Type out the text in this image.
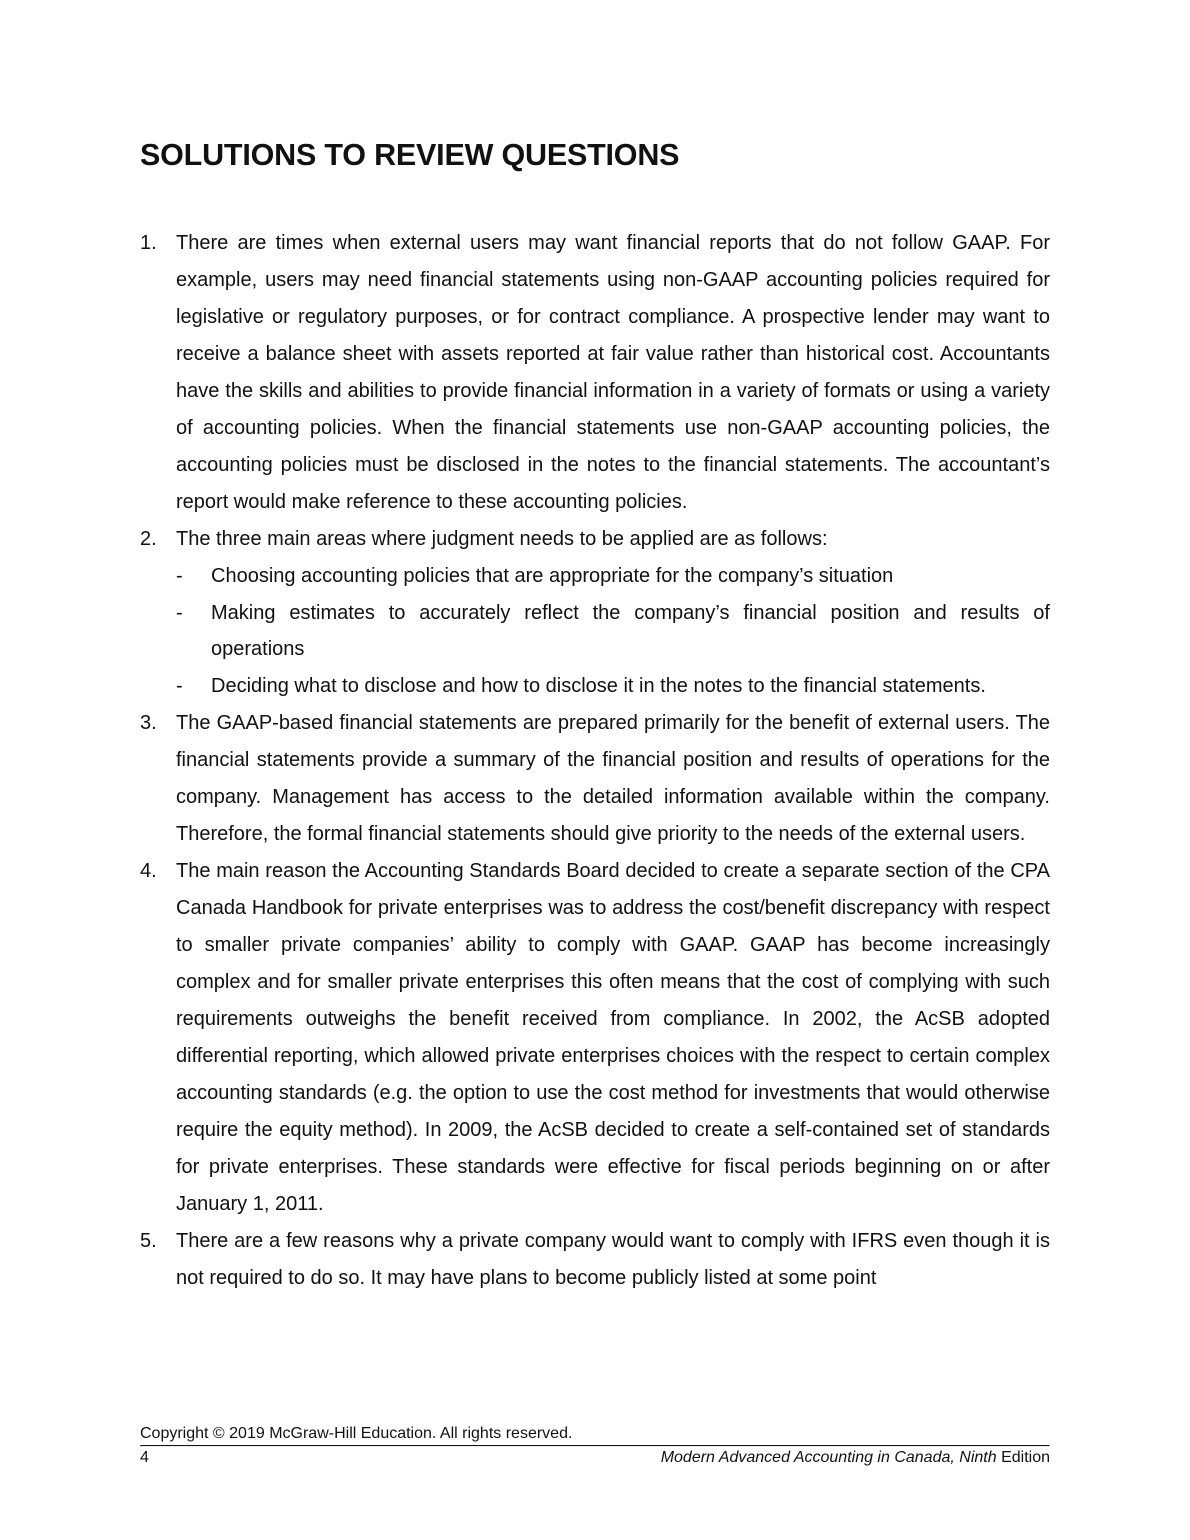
SOLUTIONS TO REVIEW QUESTIONS
1. There are times when external users may want financial reports that do not follow GAAP. For example, users may need financial statements using non-GAAP accounting policies required for legislative or regulatory purposes, or for contract compliance. A prospective lender may want to receive a balance sheet with assets reported at fair value rather than historical cost. Accountants have the skills and abilities to provide financial information in a variety of formats or using a variety of accounting policies. When the financial statements use non-GAAP accounting policies, the accounting policies must be disclosed in the notes to the financial statements. The accountant’s report would make reference to these accounting policies.
2. The three main areas where judgment needs to be applied are as follows:
- Choosing accounting policies that are appropriate for the company’s situation
- Making estimates to accurately reflect the company’s financial position and results of operations
- Deciding what to disclose and how to disclose it in the notes to the financial statements.
3. The GAAP-based financial statements are prepared primarily for the benefit of external users. The financial statements provide a summary of the financial position and results of operations for the company. Management has access to the detailed information available within the company. Therefore, the formal financial statements should give priority to the needs of the external users.
4. The main reason the Accounting Standards Board decided to create a separate section of the CPA Canada Handbook for private enterprises was to address the cost/benefit discrepancy with respect to smaller private companies’ ability to comply with GAAP. GAAP has become increasingly complex and for smaller private enterprises this often means that the cost of complying with such requirements outweighs the benefit received from compliance. In 2002, the AcSB adopted differential reporting, which allowed private enterprises choices with the respect to certain complex accounting standards (e.g. the option to use the cost method for investments that would otherwise require the equity method). In 2009, the AcSB decided to create a self-contained set of standards for private enterprises. These standards were effective for fiscal periods beginning on or after January 1, 2011.
5. There are a few reasons why a private company would want to comply with IFRS even though it is not required to do so. It may have plans to become publicly listed at some point
Copyright © 2019 McGraw-Hill Education. All rights reserved.
4	Modern Advanced Accounting in Canada, Ninth Edition
